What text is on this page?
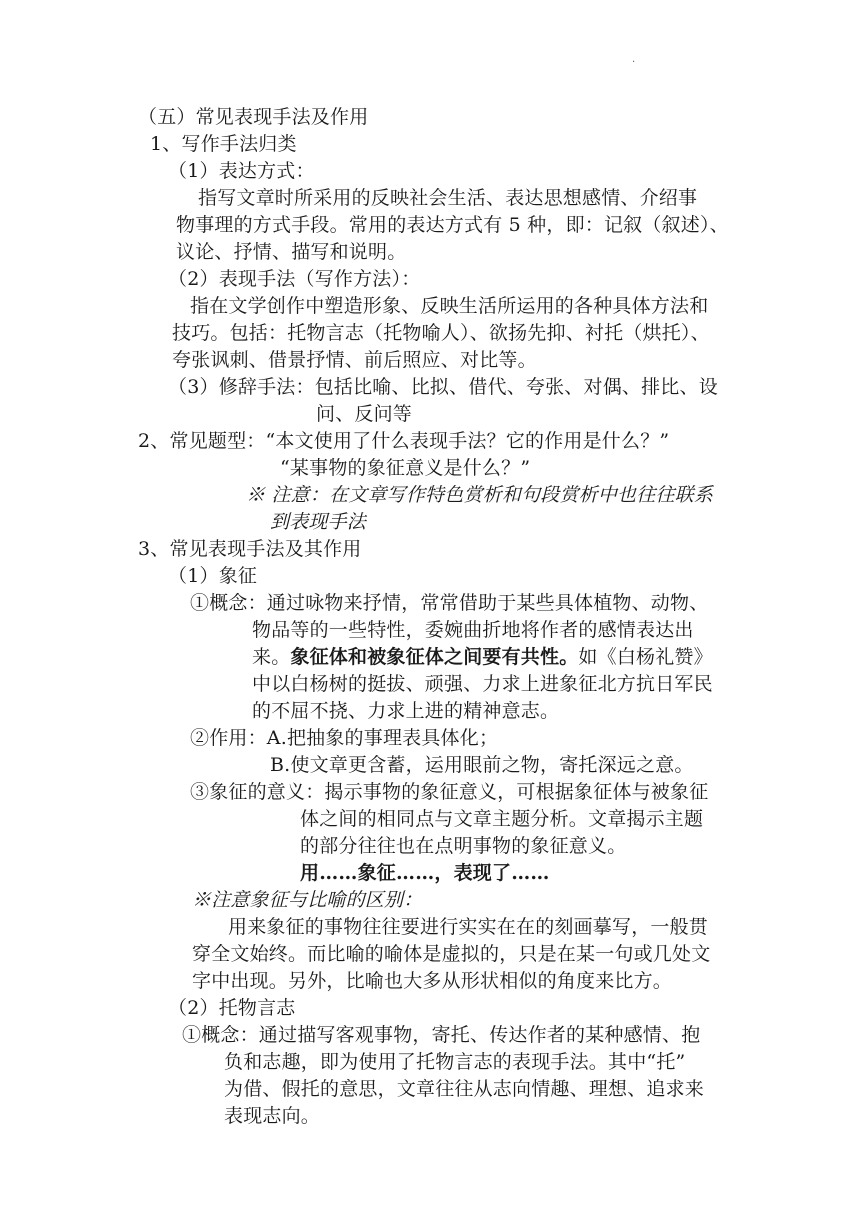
.
（五）常见表现手法及作用
1、写作手法归类
（1）表达方式：
指写文章时所采用的反映社会生活、表达思想感情、介绍事
物事理的方式手段。常用的表达方式有 5 种，即：记叙（叙述）、
议论、抒情、描写和说明。
（2）表现手法（写作方法）：
指在文学创作中塑造形象、反映生活所运用的各种具体方法和
技巧。包括：托物言志（托物喻人）、欲扬先抑、衬托（烘托）、
夸张讽刺、借景抒情、前后照应、对比等。
（3）修辞手法：包括比喻、比拟、借代、夸张、对偶、排比、设
问、反问等
2、常见题型：“本文使用了什么表现手法？它的作用是什么？”
“某事物的象征意义是什么？”
※ 注意：在文章写作特色赏析和句段赏析中也往往联系
到表现手法
3、常见表现手法及其作用
（1）象征
①概念：通过咏物来抒情，常常借助于某些具体植物、动物、
物品等的一些特性，委婉曲折地将作者的感情表达出
来。象征体和被象征体之间要有共性。如《白杨礼赞》
中以白杨树的挺拔、顽强、力求上进象征北方抗日军民
的不屈不挠、力求上进的精神意志。
②作用：A.把抽象的事理表具体化；
B.使文章更含蓄，运用眼前之物，寄托深远之意。
③象征的意义：揭示事物的象征意义，可根据象征体与被象征
体之间的相同点与文章主题分析。文章揭示主题
的部分往往也在点明事物的象征意义。
用……象征……，表现了……
※注意象征与比喻的区别：
用来象征的事物往往要进行实实在在的刻画摹写，一般贯
穿全文始终。而比喻的喻体是虚拟的，只是在某一句或几处文
字中出现。另外，比喻也大多从形状相似的角度来比方。
（2）托物言志
①概念：通过描写客观事物，寄托、传达作者的某种感情、抱
负和志趣，即为使用了托物言志的表现手法。其中“托”
为借、假托的意思，文章往往从志向情趣、理想、追求来
表现志向。
